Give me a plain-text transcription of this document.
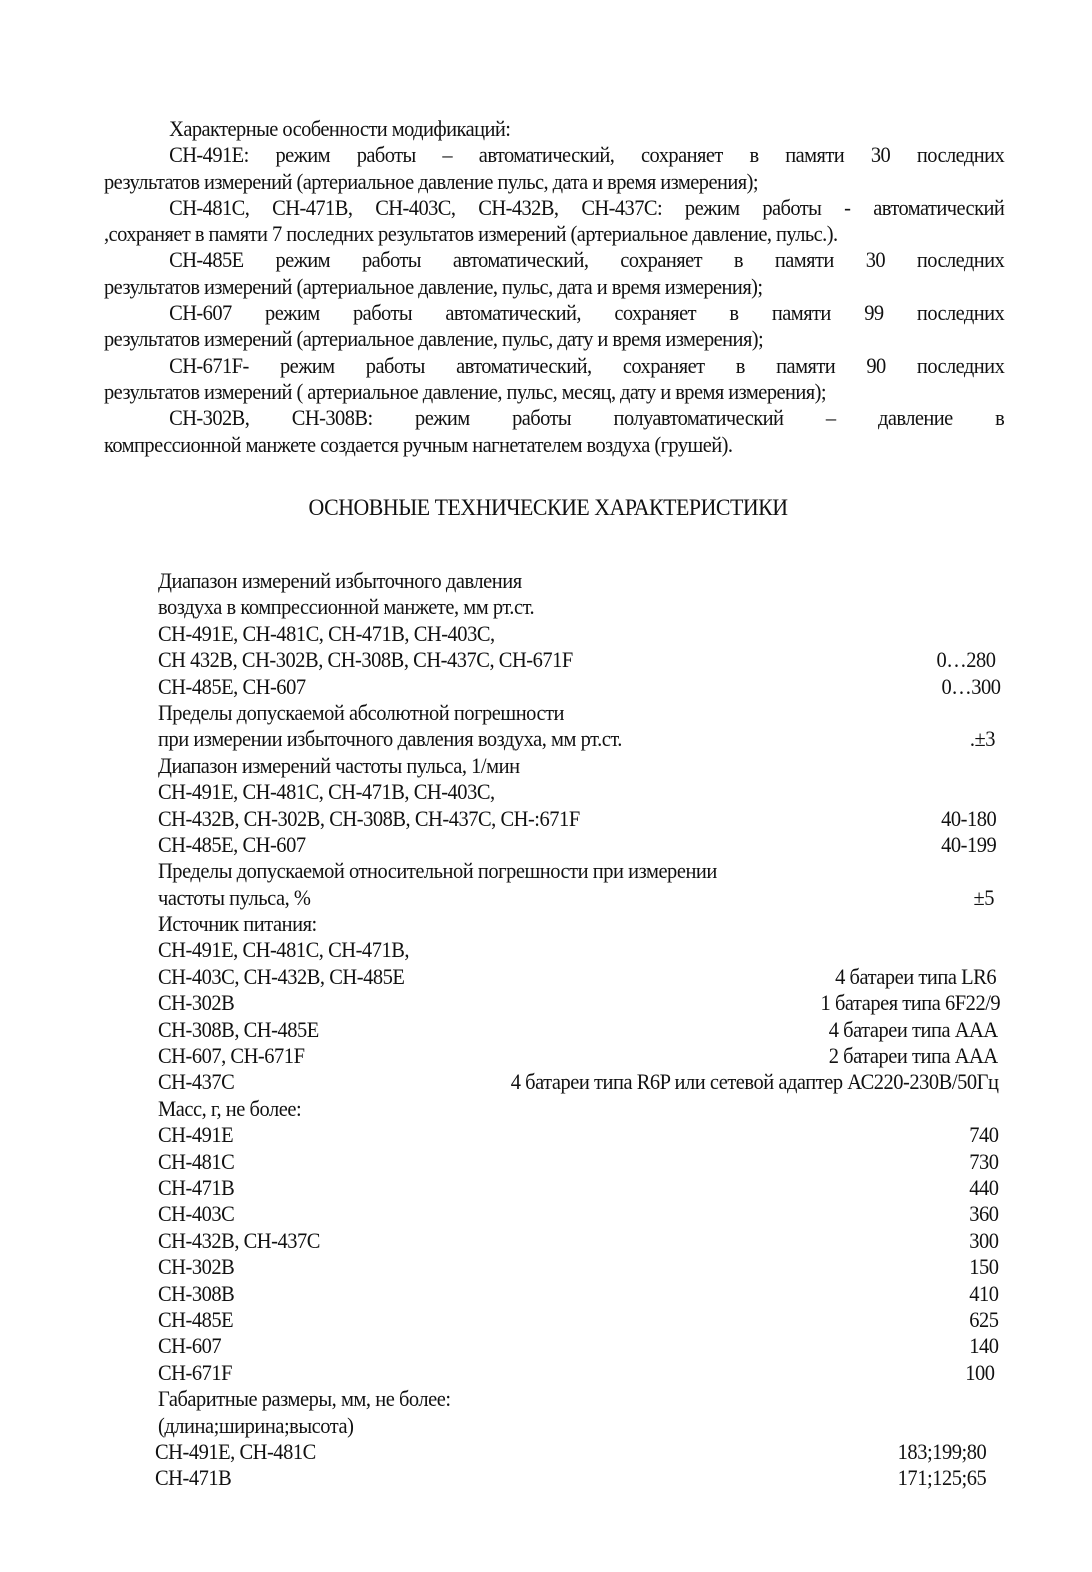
Характерные особенности модификаций:

СН-491Е: режим работы – автоматический, сохраняет в памяти 30 последних
результатов измерений (артериальное давление пульс, дата и время измерения);

СН-481С, СН-471В, СН-403С, СН-432В, СН-437С: режим работы - автоматический
,сохраняет в памяти 7 последних результатов измерений (артериальное давление, пульс.).

СН-485Е режим работы автоматический, сохраняет в памяти 30 последних
результатов измерений (артериальное давление, пульс, дата и время измерения);

СН-607 режим работы автоматический, сохраняет в памяти 99 последних
результатов измерений (артериальное давление, пульс, дату и время измерения);

СН-671F- режим работы автоматический, сохраняет в памяти 90 последних
результатов измерений ( артериальное давление, пульс, месяц, дату и время измерения);

СН-302В, СН-308В: режим работы полуавтоматический – давление в
компрессионной манжете создается ручным нагнетателем воздуха (грушей).

ОСНОВНЫЕ ТЕХНИЧЕСКИЕ ХАРАКТЕРИСТИКИ
Диапазон измерений избыточного давления
воздуха в компрессионной манжете, мм рт.ст.
СН-491Е, СН-481С, СН-471В, СН-403С,
СН 432В, СН-302В, СН-308В, СН-437С, СН-671F	0…280
СН-485Е, СН-607	0…300
Пределы допускаемой абсолютной погрешности
при измерении избыточного давления воздуха, мм рт.ст.	.±3
Диапазон измерений частоты пульса, 1/мин
СН-491Е, СН-481С, СН-471В, СН-403С,
СН-432В, СН-302В, СН-308В, СН-437С, СН-:671F	40-180
СН-485Е, СН-607	40-199
Пределы допускаемой относительной погрешности при измерении
частоты пульса, %	±5
Источник питания:
СН-491Е, СН-481С, СН-471В,
СН-403С, СН-432В, СН-485Е	4 батареи типа LR6
СН-302В	1 батарея типа 6F22/9
СН-308В, СН-485Е	4 батареи типа ААА
СН-607, СН-671F	2 батареи типа ААА
СН-437С	4 батареи типа R6P или сетевой адаптер АС220-230В/50Гц
Масс, г, не более:
СН-491Е	740
СН-481С	730
СН-471В	440
СН-403С	360
СН-432В, СН-437С	300
СН-302В	150
СН-308В	410
СН-485Е	625
СН-607	140
СН-671F	100
Габаритные размеры, мм, не более:
(длина;ширина;высота)
СН-491Е, СН-481С	183;199;80
СН-471В	171;125;65
